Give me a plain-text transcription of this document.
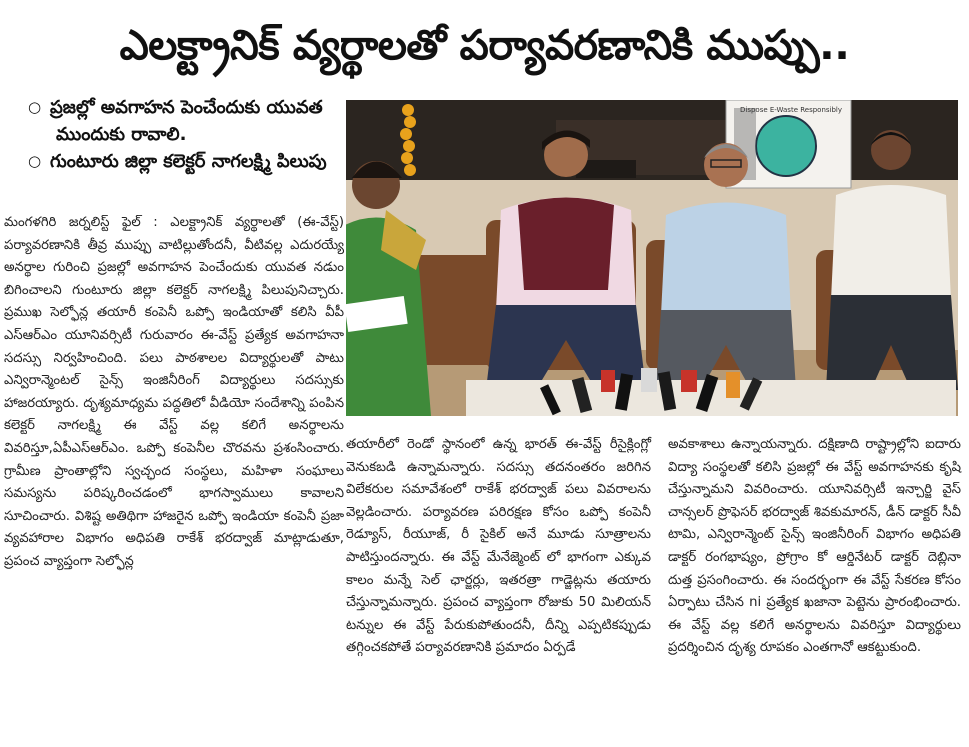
ఎలక్ట్రానిక్ వ్యర్థాలతో పర్యావరణానికి ముప్పు..
○ ప్రజల్లో అవగాహన పెంచేందుకు యువత ముందుకు రావాలి.
○ గుంటూరు జిల్లా కలెక్టర్ నాగలక్ష్మి పిలుపు
Dispose E-Waste Responsibly

మంగళగిరి జర్నలిస్ట్ ఫైల్ : ఎలక్ట్రానిక్ వ్యర్థాలతో (ఈ-వేస్ట్) పర్యావరణానికి తీవ్ర ముప్పు వాటిల్లుతోందనీ, వీటివల్ల ఎదురయ్యే అనర్థాల గురించి ప్రజల్లో అవగాహన పెంచేందుకు యువత నడుం బిగించాలని గుంటూరు జిల్లా కలెక్టర్ నాగలక్ష్మి పిలుపునిచ్చారు. ప్రముఖ సెల్ఫోన్ల తయారీ కంపెనీ ఒప్పో ఇండియాతో కలిసి వీపీ ఎస్ఆర్ఎం యూనివర్సిటీ గురువారం ఈ-వేస్ట్ ప్రత్యేక అవగాహనా సదస్సు నిర్వహించింది. పలు పాఠశాలల విద్యార్థులతో పాటు ఎన్విరాన్మెంటల్ సైన్స్ ఇంజినీరింగ్ విద్యార్థులు సదస్సుకు హాజరయ్యారు. దృశ్యమాధ్యమ పద్ధతిలో వీడియో సందేశాన్ని పంపిన కలెక్టర్ నాగలక్ష్మి ఈ వేస్ట్ వల్ల కలిగే అనర్థాలను వివరిస్తూ,ఏపీఎస్ఆర్ఎం. ఒప్పో కంపెనీల చొరవను ప్రశంసించారు. గ్రామీణ ప్రాంతాల్లోని స్వచ్ఛంద సంస్థలు, మహిళా సంఘాలు సమస్యను పరిష్కరించడంలో భాగస్వాములు కావాలని సూచించారు. విశిష్ట అతిథిగా హాజరైన ఒప్పో ఇండియా కంపెనీ ప్రజా వ్యవహారాల విభాగం అధిపతి రాకేశ్ భరద్వాజ్ మాట్లాడుతూ, ప్రపంచ వ్యాప్తంగా సెల్ఫోన్ల

తయారీలో రెండో స్థానంలో ఉన్న భారత్ ఈ-వేస్ట్ రీసైక్లింగ్లో వెనుకబడి ఉన్నామన్నారు. సదస్సు తదనంతరం జరిగిన విలేకరుల సమావేశంలో రాకేశ్ భరద్వాజ్ పలు వివరాలను వెల్లడించారు. పర్యావరణ పరిరక్షణ కోసం ఒప్పో కంపెనీ రెడ్యూస్, రీయూజ్, రీ సైకిల్ అనే మూడు సూత్రాలను పాటిస్తుందన్నారు. ఈ వేస్ట్ మేనేజ్మెంట్ లో భాగంగా ఎక్కువ కాలం మన్నే సెల్ ఛార్జర్లు, ఇతరత్రా గాడ్జెట్లను తయారు చేస్తున్నామన్నారు. ప్రపంచ వ్యాప్తంగా రోజుకు 50 మిలియన్ టన్నుల ఈ వేస్ట్ పేరుకుపోతుందనీ, దీన్ని ఎప్పటికప్పుడు తగ్గించకపోతే పర్యావరణానికి ప్రమాదం ఏర్పడే

అవకాశాలు ఉన్నాయన్నారు. దక్షిణాది రాష్ట్రాల్లోని ఐదారు విద్యా సంస్థలతో కలిసి ప్రజల్లో ఈ వేస్ట్ అవగాహనకు కృషి చేస్తున్నామని వివరించారు. యూనివర్సిటీ ఇన్చార్జి వైస్ చాన్సలర్ ప్రొఫెసర్ భరద్వాజ్ శివకుమారన్, డీన్ డాక్టర్ సీవీ టామి, ఎన్విరాన్మెంట్ సైన్స్ ఇంజినీరింగ్ విభాగం అధిపతి డాక్టర్ రంగభాష్యం, ప్రోగ్రాం కో ఆర్డినేటర్ డాక్టర్ దెబ్లినా దుత్త ప్రసంగించారు. ఈ సందర్భంగా ఈ వేస్ట్ సేకరణ కోసం ఏర్పాటు చేసిన ni ప్రత్యేక ఖజానా పెట్టెను ప్రారంభించారు. ఈ వేస్ట్ వల్ల కలిగే అనర్థాలను వివరిస్తూ విద్యార్థులు ప్రదర్శించిన దృశ్య రూపకం ఎంతగానో ఆకట్టుకుంది.
